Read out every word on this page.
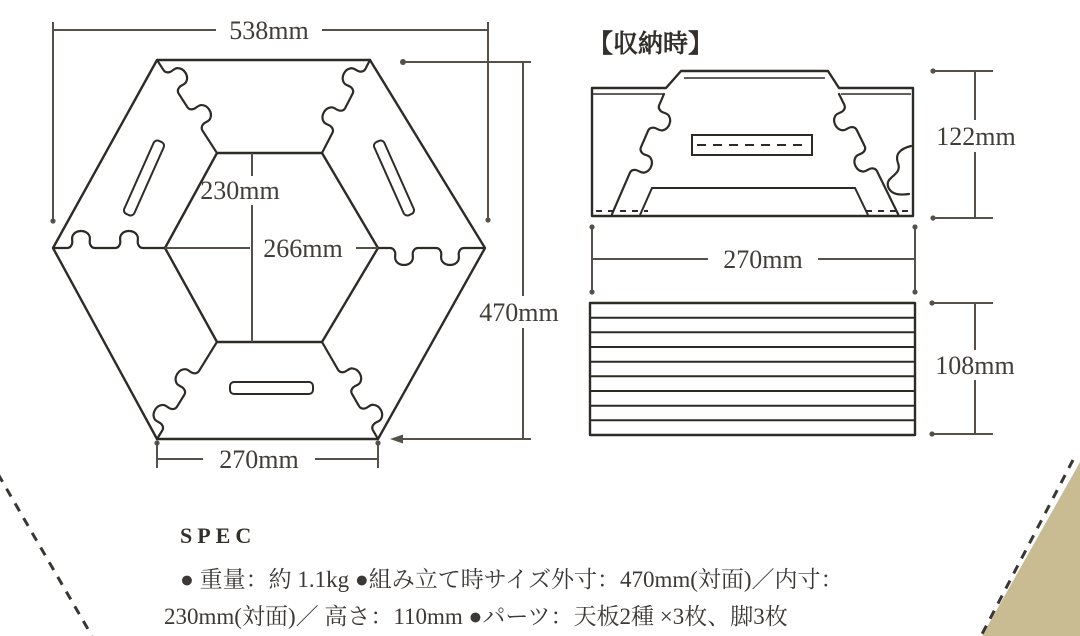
538mm
230mm
266mm
470mm
270mm
【収納時】
122mm
270mm
108mm
SPEC
● 重量：約 1.1kg ●組み立て時サイズ外寸：470mm(対面)／内寸：
230mm(対面)／ 高さ：110mm ●パーツ：天板2種 ×3枚、脚3枚
